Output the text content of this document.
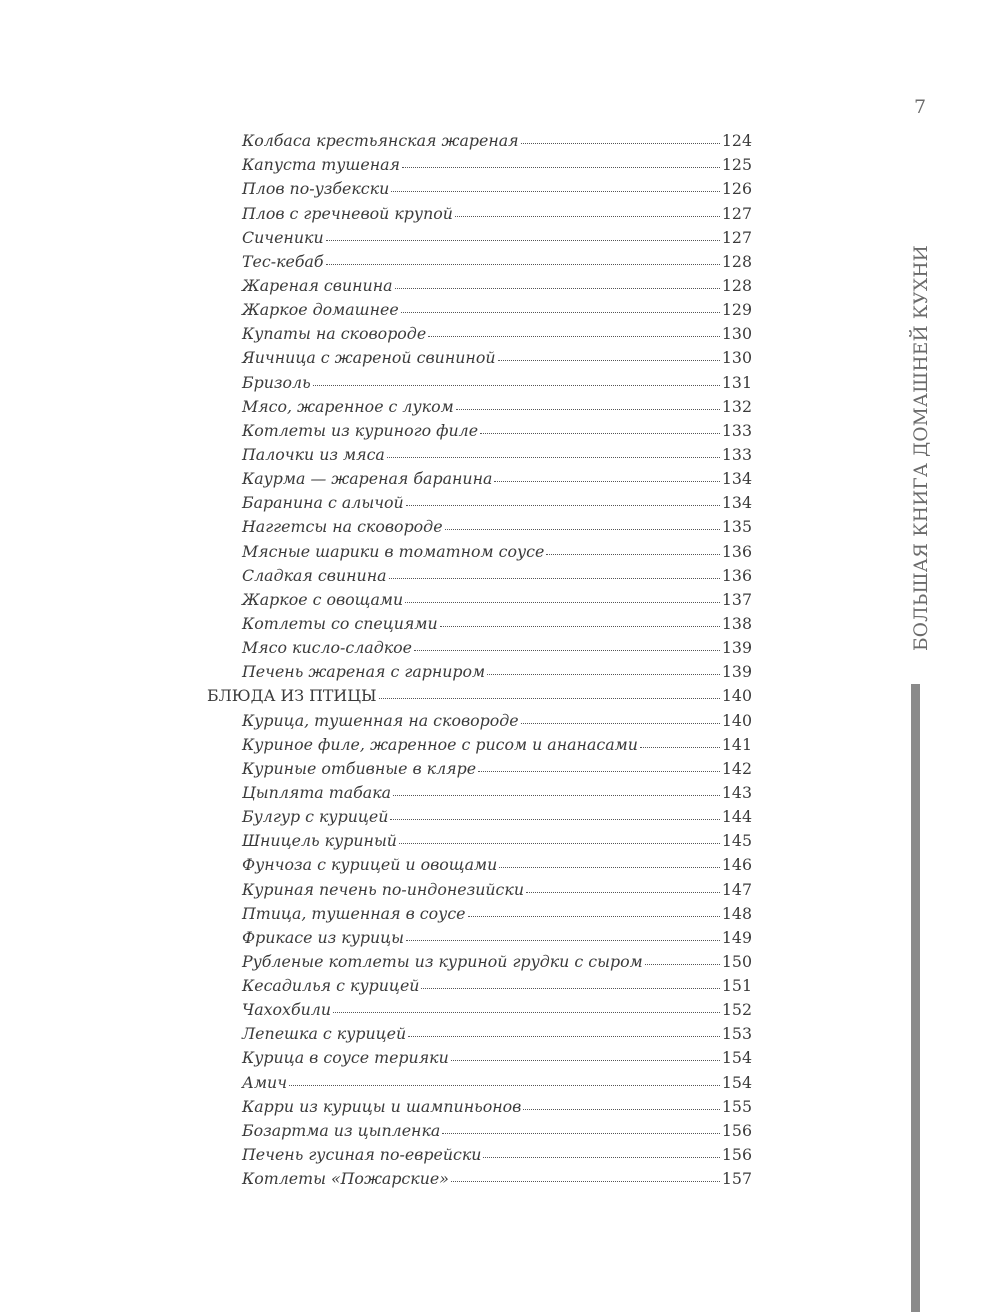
7
БОЛЬШАЯ КНИГА ДОМАШНЕЙ КУХНИ
Колбаса крестьянская жареная	124
Капуста тушеная	125
Плов по-узбекски	126
Плов с гречневой крупой	127
Сиченики	127
Тес-кебаб	128
Жареная свинина	128
Жаркое домашнее	129
Купаты на сковороде	130
Яичница с жареной свининой	130
Бризоль	131
Мясо, жаренное с луком	132
Котлеты из куриного филе	133
Палочки из мяса	133
Каурма — жареная баранина	134
Баранина с алычой	134
Наггетсы на сковороде	135
Мясные шарики в томатном соусе	136
Сладкая свинина	136
Жаркое с овощами	137
Котлеты со специями	138
Мясо кисло-сладкое	139
Печень жареная с гарниром	139
БЛЮДА ИЗ ПТИЦЫ	140
Курица, тушенная на сковороде	140
Куриное филе, жаренное с рисом и ананасами	141
Куриные отбивные в кляре	142
Цыплята табака	143
Булгур с курицей	144
Шницель куриный	145
Фунчоза с курицей и овощами	146
Куриная печень по-индонезийски	147
Птица, тушенная в соусе	148
Фрикасе из курицы	149
Рубленые котлеты из куриной грудки с сыром	150
Кесадилья с курицей	151
Чахохбили	152
Лепешка с курицей	153
Курица в соусе терияки	154
Амич	154
Карри из курицы и шампиньонов	155
Бозартма из цыпленка	156
Печень гусиная по-еврейски	156
Котлеты «Пожарские»	157
